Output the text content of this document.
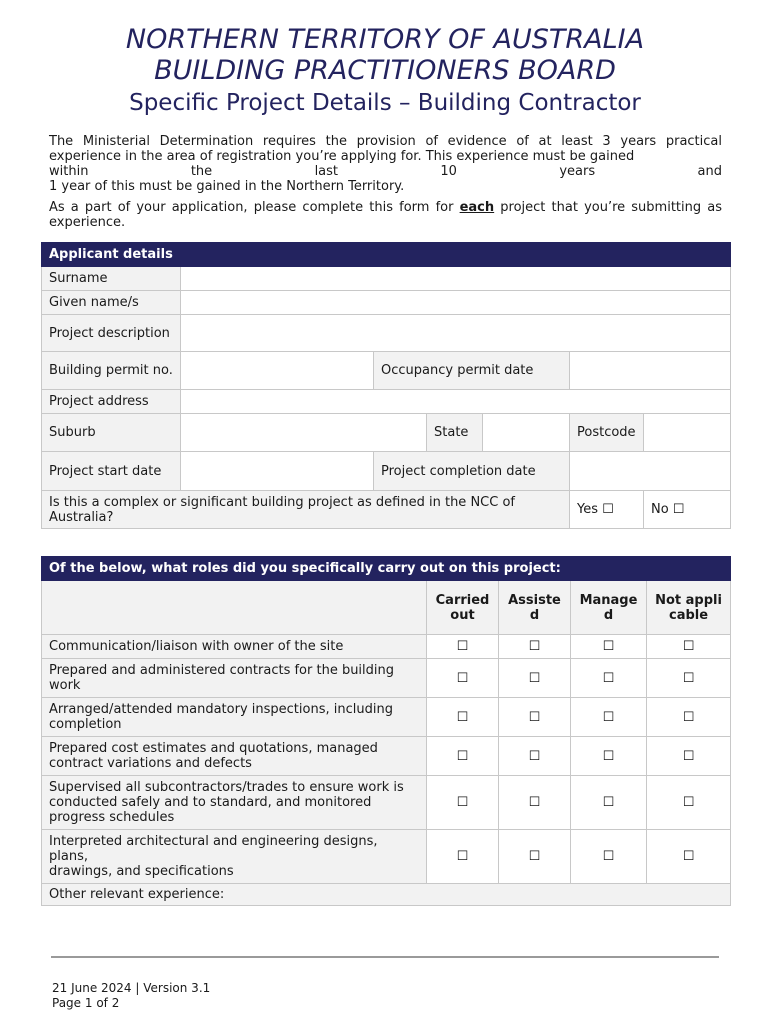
NORTHERN TERRITORY OF AUSTRALIA
BUILDING PRACTITIONERS BOARD
Specific Project Details – Building Contractor
The Ministerial Determination requires the provision of evidence of at least 3 years practical experience in the area of registration you’re applying for. This experience must be gained
within	the	last	10	years	and
1 year of this must be gained in the Northern Territory.
As a part of your application, please complete this form for each project that you’re submitting as experience.
Applicant details						
Surname						
Given name/s						
Project description						
Building permit no.		Occupancy permit date				
Project address						
Suburb			State		Postcode	
Project start date		Project completion date				
Is this a complex or significant building project as defined in the NCC of Australia?					Yes ☐	No ☐
Of the below, what roles did you specifically carry out on this project:				
	Carried out	Assisted	Managed	Not applicable
Communication/liaison with owner of the site	☐	☐	☐	☐
Prepared and administered contracts for the building work	☐	☐	☐	☐
Arranged/attended mandatory inspections, including completion	☐	☐	☐	☐
Prepared cost estimates and quotations, managed contract variations and defects	☐	☐	☐	☐
Supervised all subcontractors/trades to ensure work is conducted safely and to standard, and monitored progress schedules	☐	☐	☐	☐
Interpreted architectural and engineering designs, plans,
drawings, and specifications	☐	☐	☐	☐
Other relevant experience:				
21 June 2024 | Version 3.1
Page 1 of 2
